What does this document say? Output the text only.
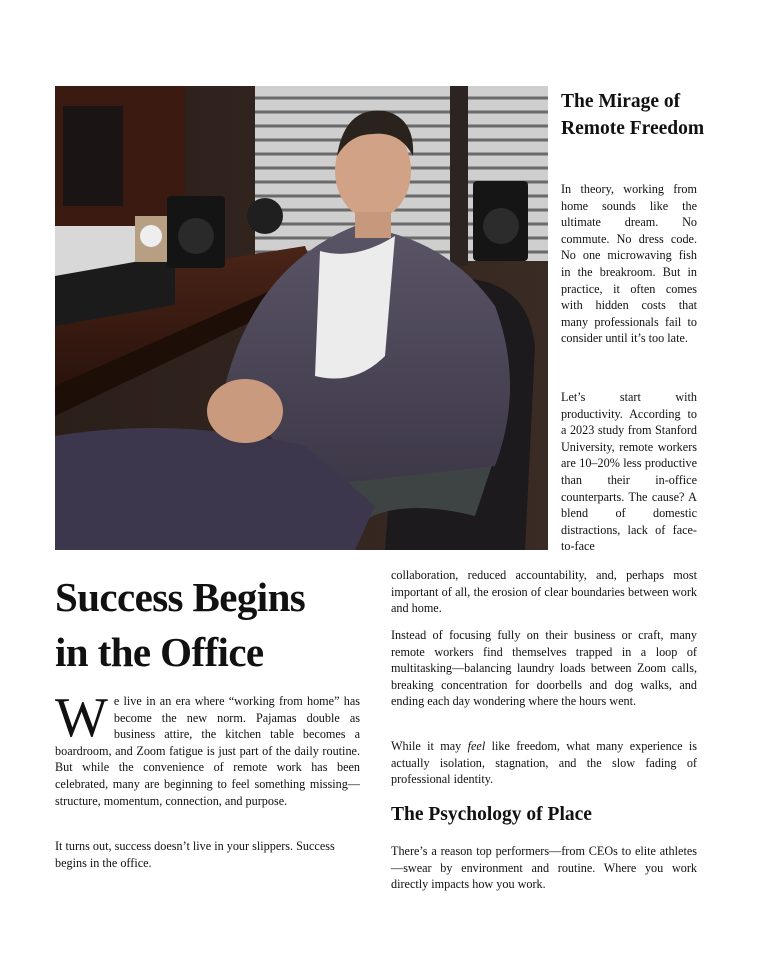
The Mirage of Remote Freedom

In theory, working from home sounds like the ultimate dream. No commute. No dress code. No one microwaving fish in the breakroom. But in practice, it often comes with hidden costs that many professionals fail to consider until it’s too late.

Let’s start with productivity. According to a 2023 study from Stanford University, remote workers are 10–20% less productive than their in-office counterparts. The cause? A blend of domestic distractions, lack of face-to-face

collaboration, reduced accountability, and, perhaps most important of all, the erosion of clear boundaries between work and home.

Instead of focusing fully on their business or craft, many remote workers find themselves trapped in a loop of multitasking—balancing laundry loads between Zoom calls, breaking concentration for doorbells and dog walks, and ending each day wondering where the hours went.

While it may feel like freedom, what many experience is actually isolation, stagnation, and the slow fading of professional identity.

The Psychology of Place

There’s a reason top performers—from CEOs to elite athletes—swear by environment and routine. Where you work directly impacts how you work.

Success Begins
in the Office

We live in an era where “working from home” has become the new norm. Pajamas double as business attire, the kitchen table becomes a boardroom, and Zoom fatigue is just part of the daily routine. But while the convenience of remote work has been celebrated, many are beginning to feel something missing—structure, momentum, connection, and purpose.

It turns out, success doesn’t live in your slippers. Success begins in the office.
